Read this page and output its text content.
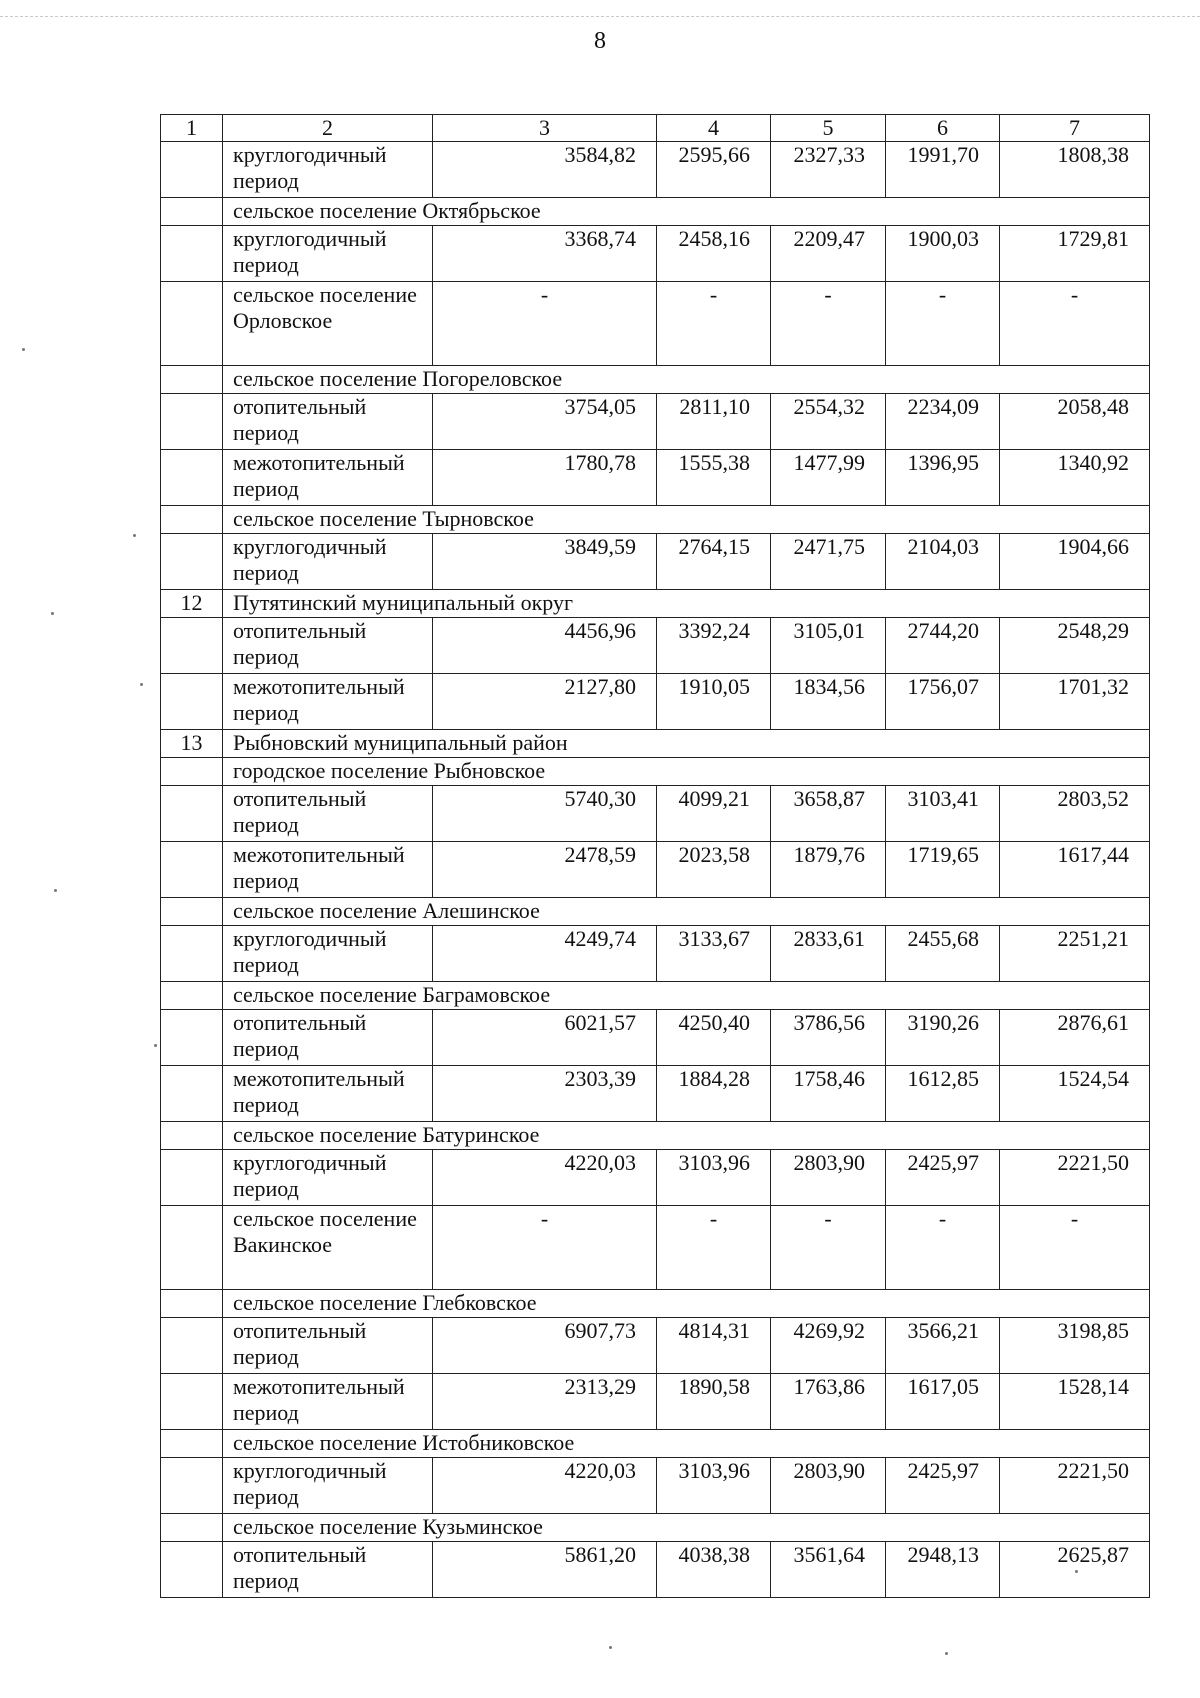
8
1	2	3	4	5	6	7
	круглогодичный период	3584,82	2595,66	2327,33	1991,70	1808,38
	сельское поселение Октябрьское					
	круглогодичный период	3368,74	2458,16	2209,47	1900,03	1729,81
	сельское поселение Орловское	-	-	-	-	-
	сельское поселение Погореловское					
	отопительный период	3754,05	2811,10	2554,32	2234,09	2058,48
	межотопительный период	1780,78	1555,38	1477,99	1396,95	1340,92
	сельское поселение Тырновское					
	круглогодичный период	3849,59	2764,15	2471,75	2104,03	1904,66
12	Путятинский муниципальный округ					
	отопительный период	4456,96	3392,24	3105,01	2744,20	2548,29
	межотопительный период	2127,80	1910,05	1834,56	1756,07	1701,32
13	Рыбновский муниципальный район					
	городское поселение Рыбновское					
	отопительный период	5740,30	4099,21	3658,87	3103,41	2803,52
	межотопительный период	2478,59	2023,58	1879,76	1719,65	1617,44
	сельское поселение Алешинское					
	круглогодичный период	4249,74	3133,67	2833,61	2455,68	2251,21
	сельское поселение Баграмовское					
	отопительный период	6021,57	4250,40	3786,56	3190,26	2876,61
	межотопительный период	2303,39	1884,28	1758,46	1612,85	1524,54
	сельское поселение Батуринское					
	круглогодичный период	4220,03	3103,96	2803,90	2425,97	2221,50
	сельское поселение Вакинское	-	-	-	-	-
	сельское поселение Глебковское					
	отопительный период	6907,73	4814,31	4269,92	3566,21	3198,85
	межотопительный период	2313,29	1890,58	1763,86	1617,05	1528,14
	сельское поселение Истобниковское					
	круглогодичный период	4220,03	3103,96	2803,90	2425,97	2221,50
	сельское поселение Кузьминское					
	отопительный период	5861,20	4038,38	3561,64	2948,13	2625,87
